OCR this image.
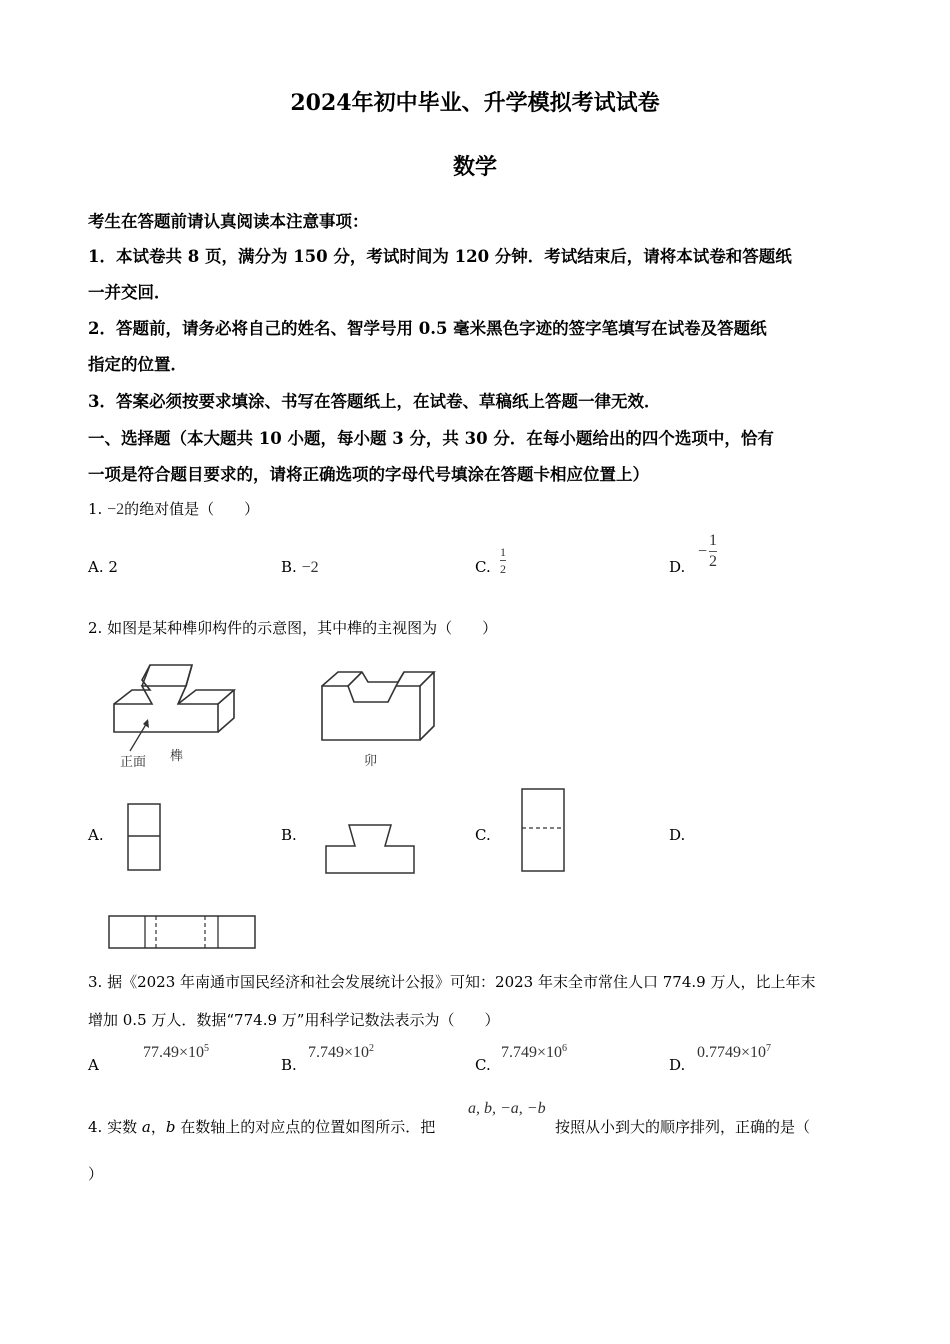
2024年初中毕业、升学模拟考试试卷
数学
考生在答题前请认真阅读本注意事项：
1．本试卷共 8 页，满分为 150 分，考试时间为 120 分钟．考试结束后，请将本试卷和答题纸
一并交回．
2．答题前，请务必将自己的姓名、智学号用 0.5 毫米黑色字迹的签字笔填写在试卷及答题纸
指定的位置．
3．答案必须按要求填涂、书写在答题纸上，在试卷、草稿纸上答题一律无效．
一、选择题（本大题共 10 小题，每小题 3 分，共 30 分．在每小题给出的四个选项中，恰有
一项是符合题目要求的，请将正确选项的字母代号填涂在答题卡相应位置上）
1. −2的绝对值是（　　）
A. 2	B. −2	C. $\frac{1}{2}$	D.
− $\frac{1}{2}$
2. 如图是某种榫卯构件的示意图，其中榫的主视图为（　　）
正面 榫	卯
A.	B.	C.	D.
3. 据《2023 年南通市国民经济和社会发展统计公报》可知：2023 年末全市常住人口 774.9 万人，比上年末
增加 0.5 万人．数据“774.9 万”用科学记数法表示为（　　）
A
$77.49\times 10^5$
B.
$7.749\times 10^2$
C.
$7.749\times 10^6$
D.
$0.7749\times 10^7$
4. 实数 a，b 在数轴上的对应点的位置如图所示．把
a, b, −a, −b
按照从小到大的顺序排列，正确的是（
）
